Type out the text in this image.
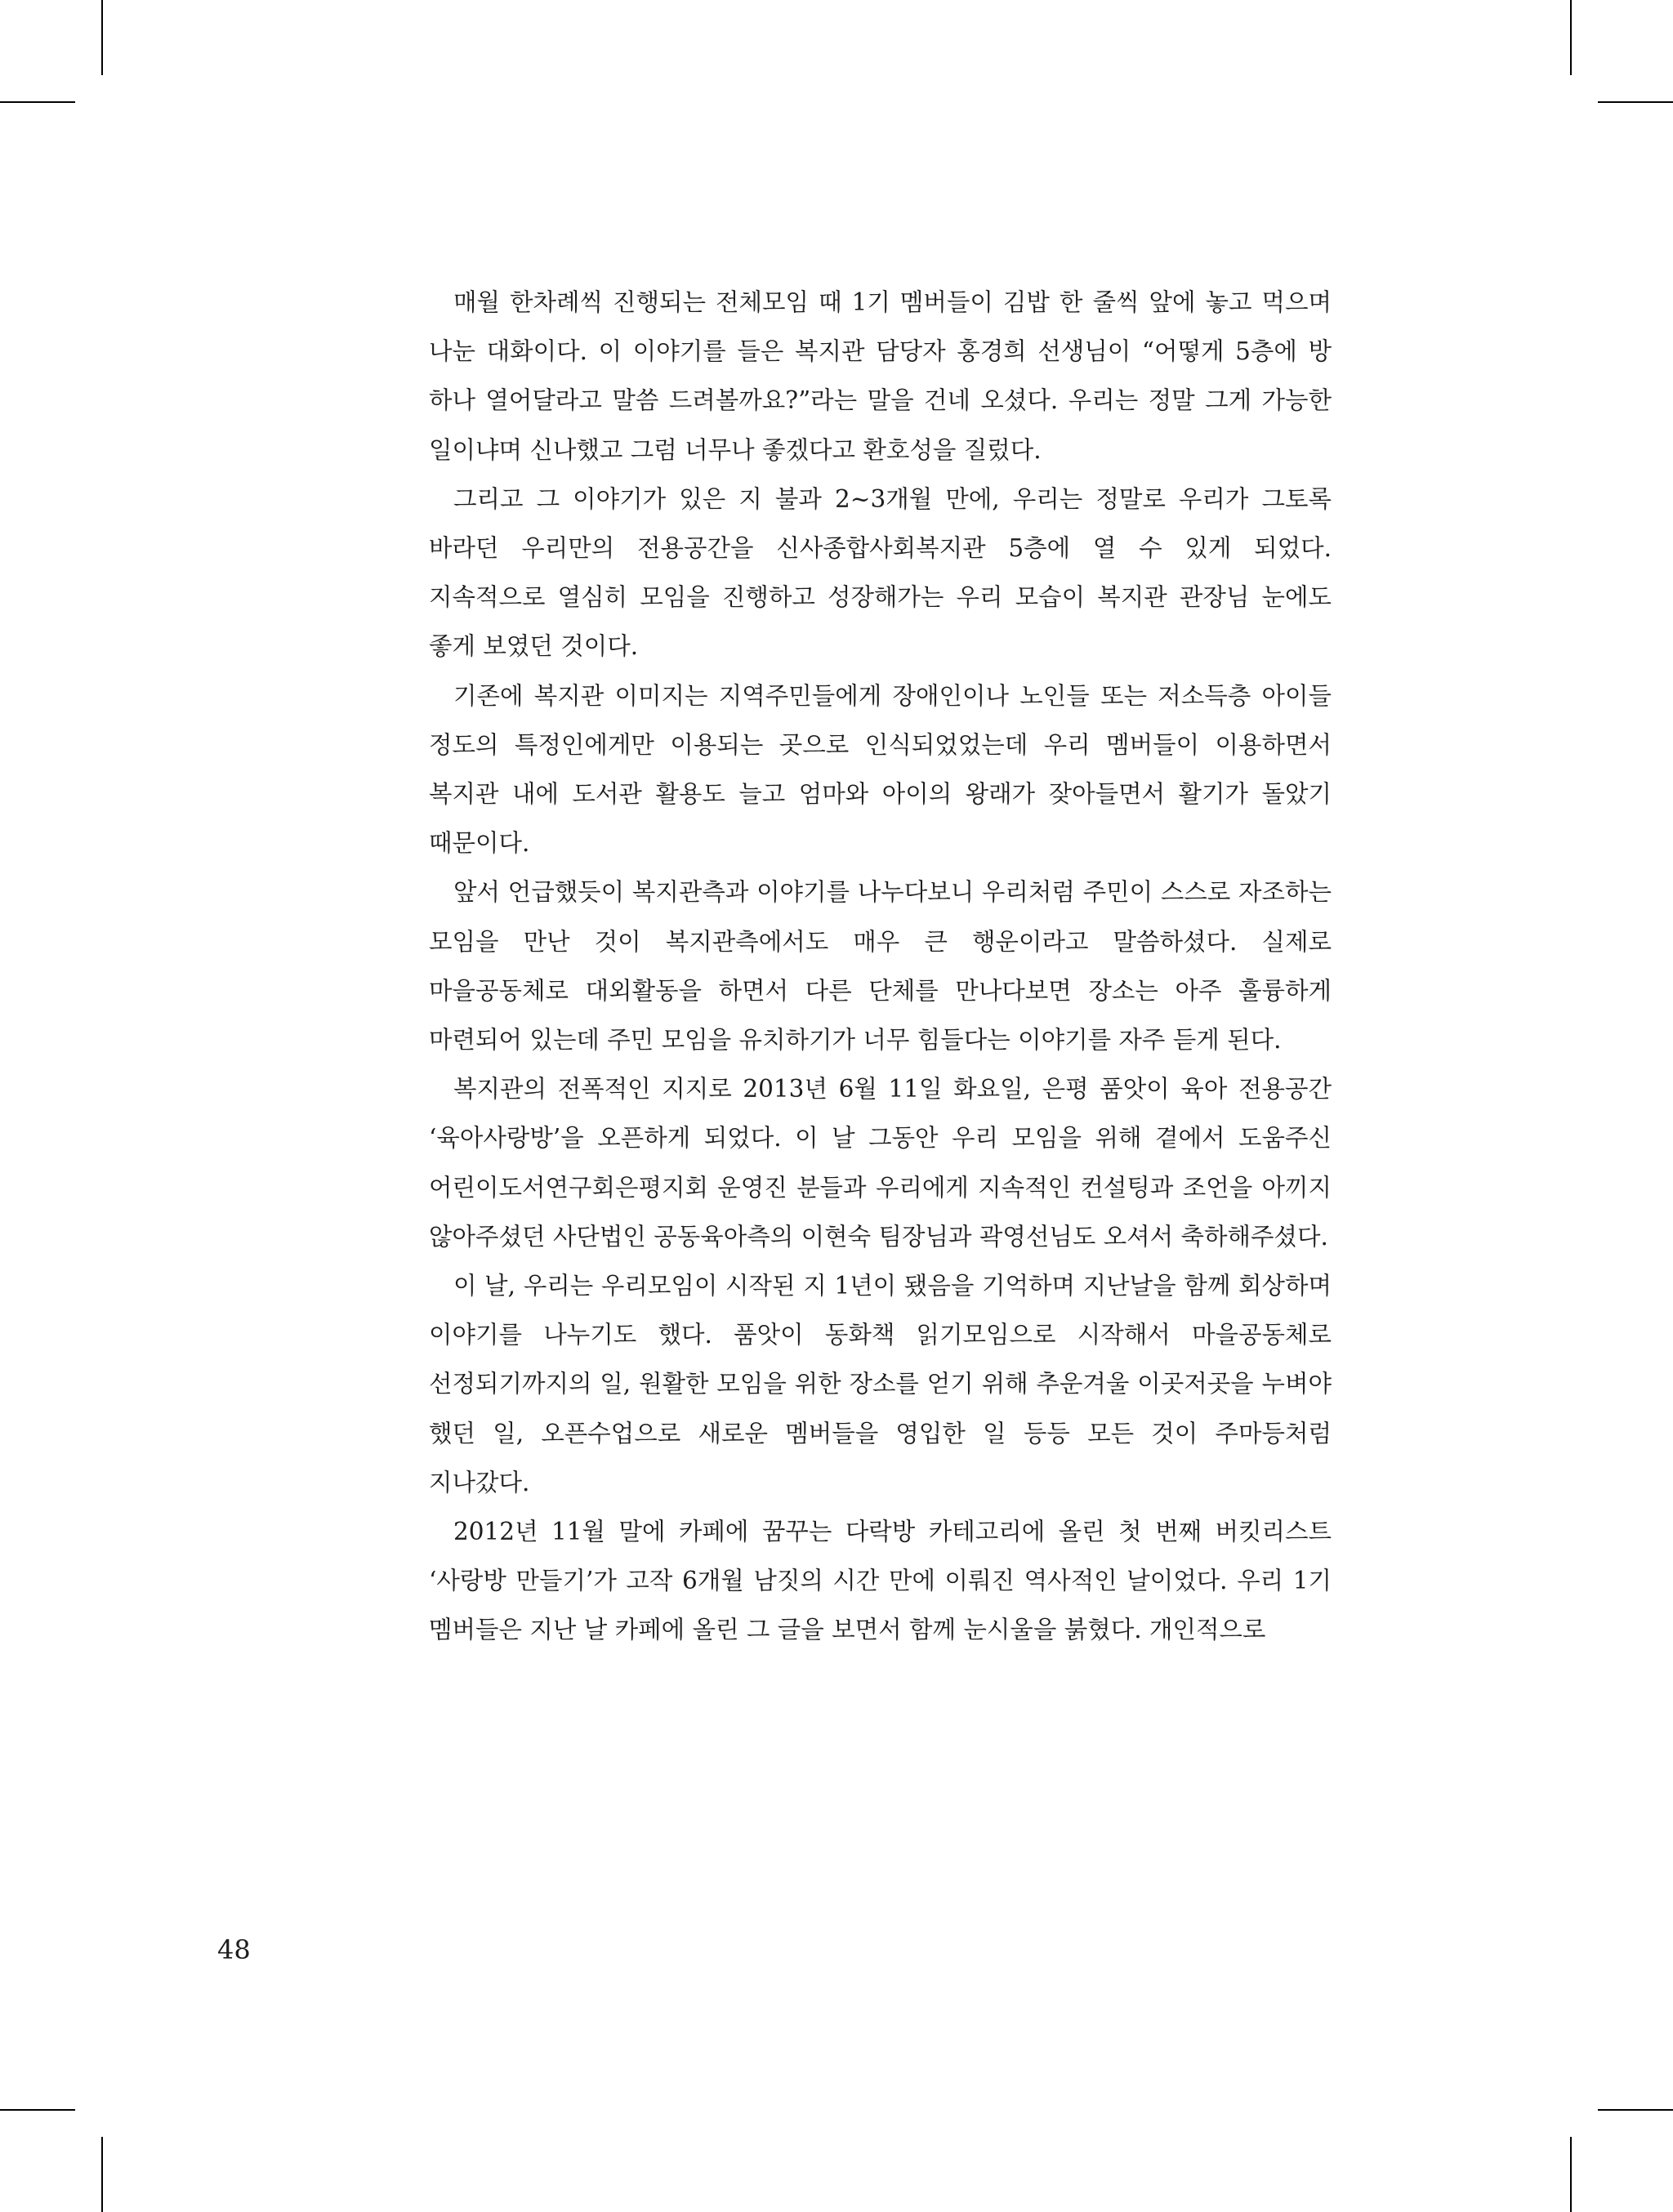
매월 한차례씩 진행되는 전체모임 때 1기 멤버들이 김밥 한 줄씩 앞에 놓고 먹으며 나눈 대화이다. 이 이야기를 들은 복지관 담당자 홍경희 선생님이 “어떻게 5층에 방 하나 열어달라고 말씀 드려볼까요?”라는 말을 건네 오셨다. 우리는 정말 그게 가능한 일이냐며 신나했고 그럼 너무나 좋겠다고 환호성을 질렀다.

그리고 그 이야기가 있은 지 불과 2~3개월 만에, 우리는 정말로 우리가 그토록 바라던 우리만의 전용공간을 신사종합사회복지관 5층에 열 수 있게 되었다. 지속적으로 열심히 모임을 진행하고 성장해가는 우리 모습이 복지관 관장님 눈에도 좋게 보였던 것이다.

기존에 복지관 이미지는 지역주민들에게 장애인이나 노인들 또는 저소득층 아이들 정도의 특정인에게만 이용되는 곳으로 인식되었었는데 우리 멤버들이 이용하면서 복지관 내에 도서관 활용도 늘고 엄마와 아이의 왕래가 잦아들면서 활기가 돌았기 때문이다.

앞서 언급했듯이 복지관측과 이야기를 나누다보니 우리처럼 주민이 스스로 자조하는 모임을 만난 것이 복지관측에서도 매우 큰 행운이라고 말씀하셨다. 실제로 마을공동체로 대외활동을 하면서 다른 단체를 만나다보면 장소는 아주 훌륭하게 마련되어 있는데 주민 모임을 유치하기가 너무 힘들다는 이야기를 자주 듣게 된다.

복지관의 전폭적인 지지로 2013년 6월 11일 화요일, 은평 품앗이 육아 전용공간 ‘육아사랑방’을 오픈하게 되었다. 이 날 그동안 우리 모임을 위해 곁에서 도움주신 어린이도서연구회은평지회 운영진 분들과 우리에게 지속적인 컨설팅과 조언을 아끼지 않아주셨던 사단법인 공동육아측의 이현숙 팀장님과 곽영선님도 오셔서 축하해주셨다.

이 날, 우리는 우리모임이 시작된 지 1년이 됐음을 기억하며 지난날을 함께 회상하며 이야기를 나누기도 했다. 품앗이 동화책 읽기모임으로 시작해서 마을공동체로 선정되기까지의 일, 원활한 모임을 위한 장소를 얻기 위해 추운겨울 이곳저곳을 누벼야 했던 일, 오픈수업으로 새로운 멤버들을 영입한 일 등등 모든 것이 주마등처럼 지나갔다.

2012년 11월 말에 카페에 꿈꾸는 다락방 카테고리에 올린 첫 번째 버킷리스트 ‘사랑방 만들기’가 고작 6개월 남짓의 시간 만에 이뤄진 역사적인 날이었다. 우리 1기 멤버들은 지난 날 카페에 올린 그 글을 보면서 함께 눈시울을 붉혔다. 개인적으로

48
